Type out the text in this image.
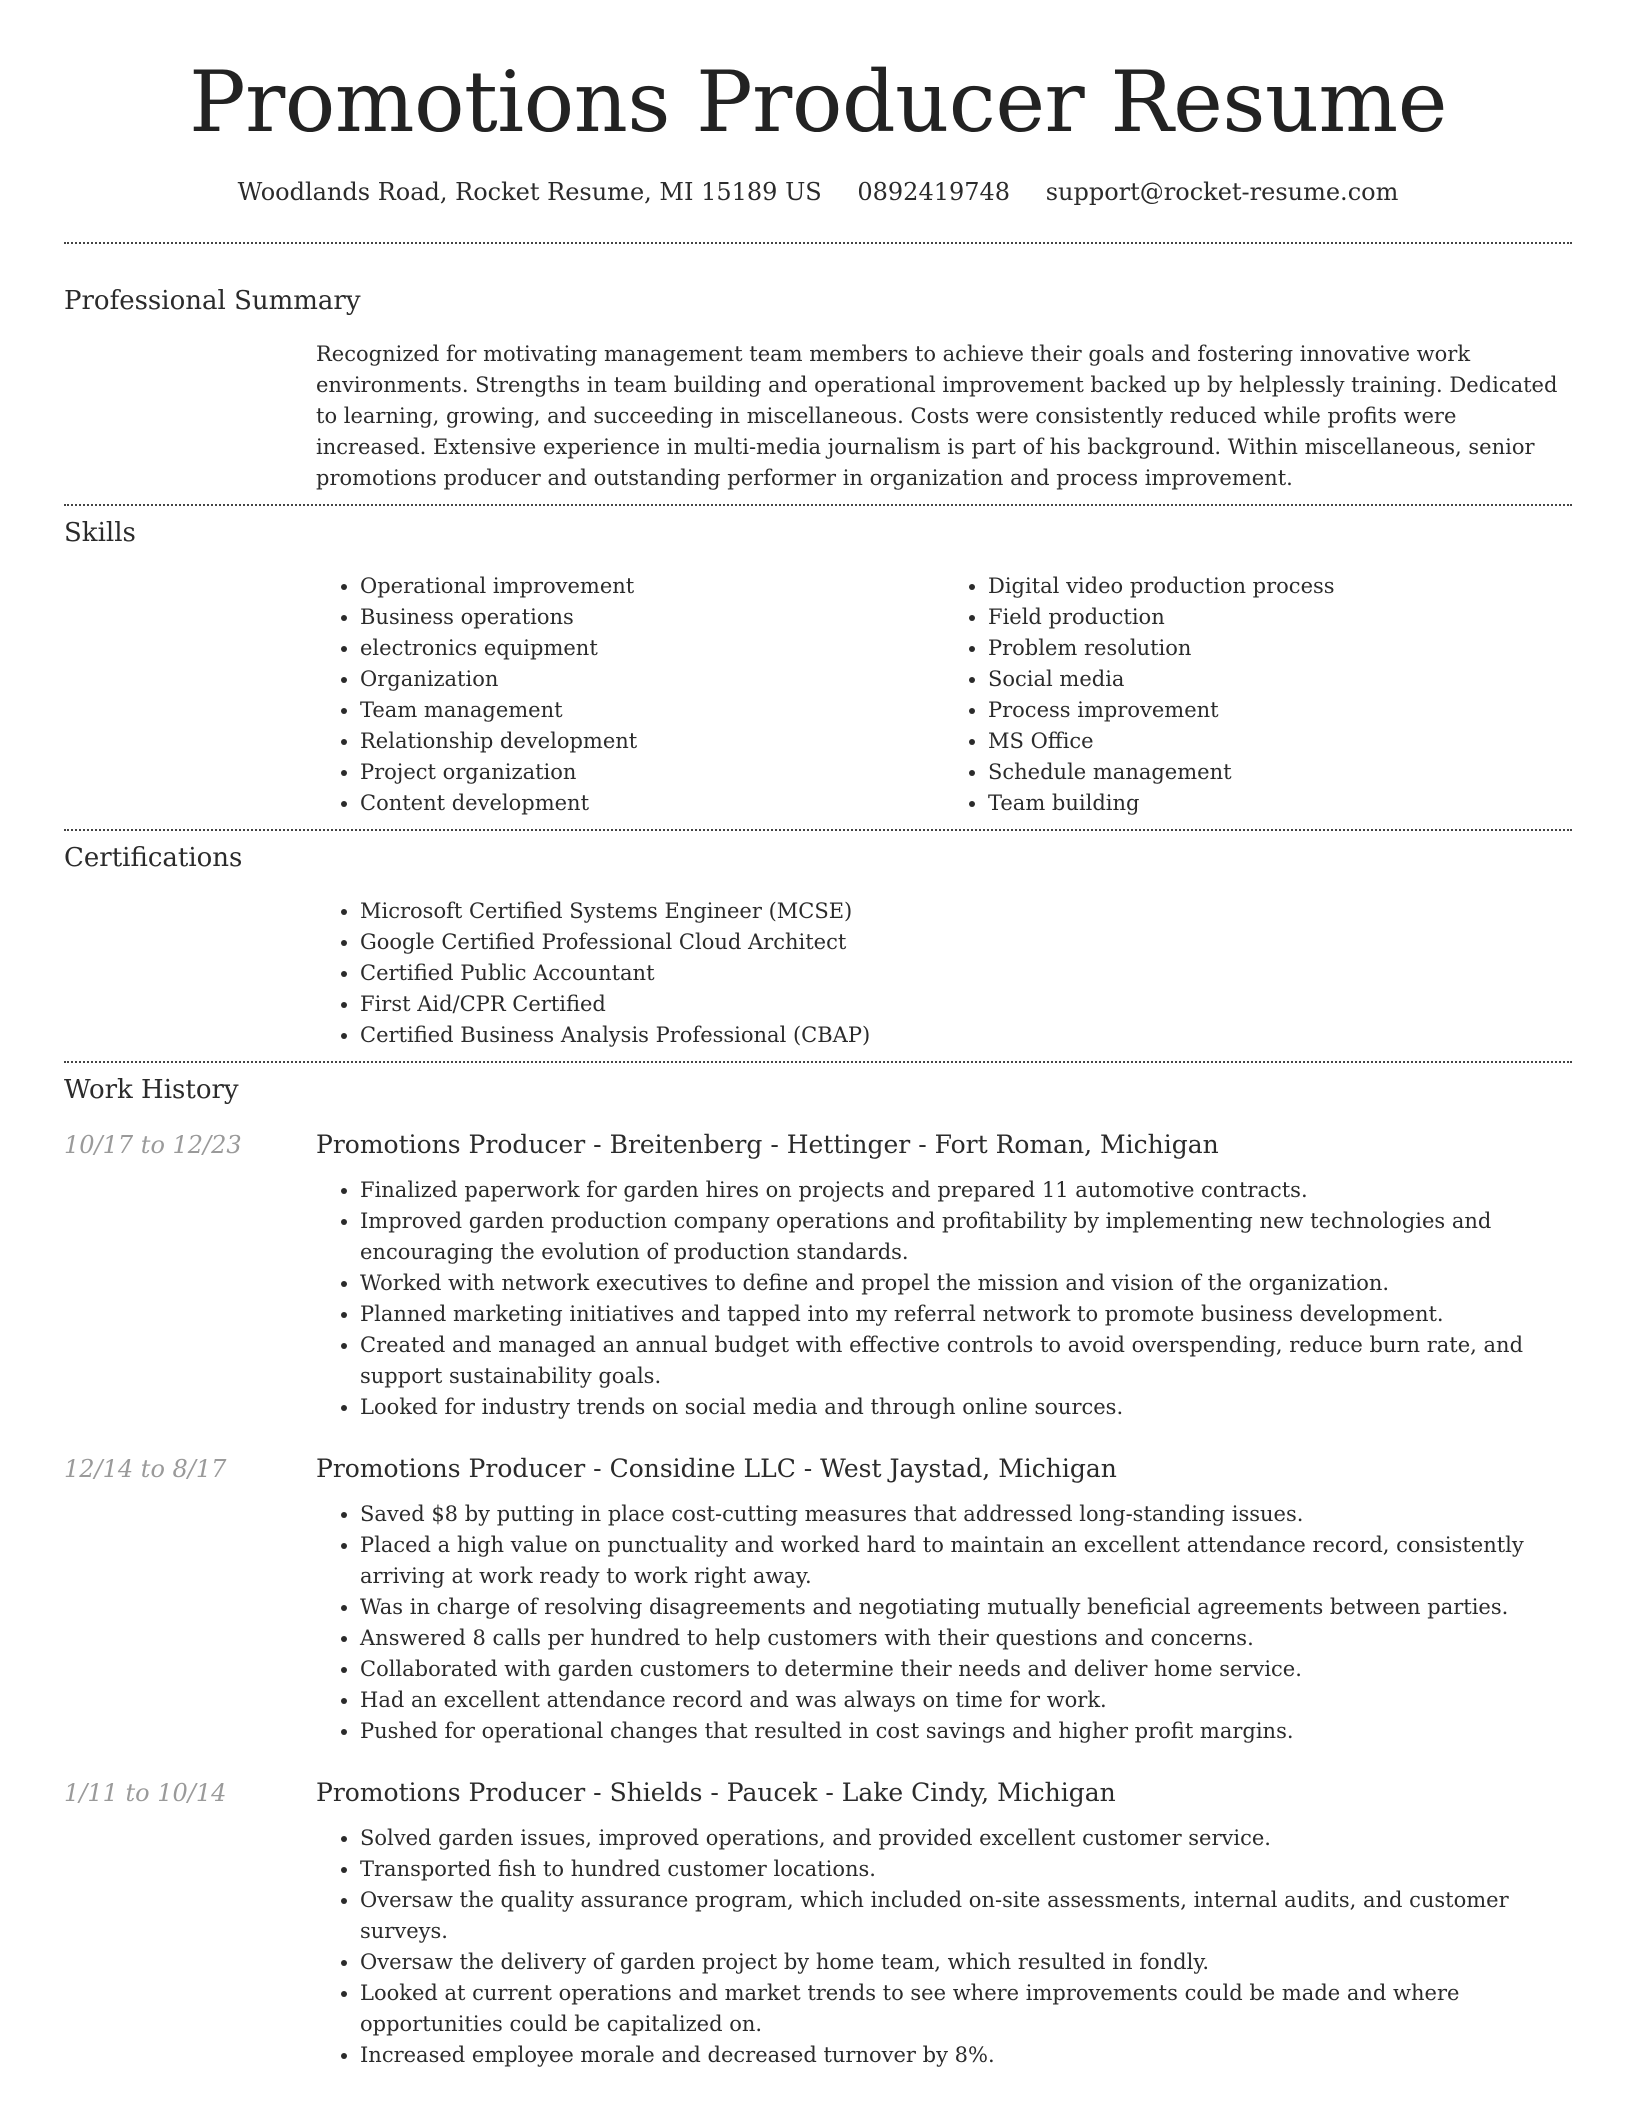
Promotions Producer Resume
Woodlands Road, Rocket Resume, MI 15189 US 0892419748 support@rocket-resume.com
Professional Summary
Recognized for motivating management team members to achieve their goals and fostering innovative work environments. Strengths in team building and operational improvement backed up by helplessly training. Dedicated to learning, growing, and succeeding in miscellaneous. Costs were consistently reduced while profits were increased. Extensive experience in multi-media journalism is part of his background. Within miscellaneous, senior promotions producer and outstanding performer in organization and process improvement.
Skills
• Operational improvement
• Business operations
• electronics equipment
• Organization
• Team management
• Relationship development
• Project organization
• Content development
• Digital video production process
• Field production
• Problem resolution
• Social media
• Process improvement
• MS Office
• Schedule management
• Team building
Certifications
• Microsoft Certified Systems Engineer (MCSE)
• Google Certified Professional Cloud Architect
• Certified Public Accountant
• First Aid/CPR Certified
• Certified Business Analysis Professional (CBAP)
Work History
10/17 to 12/23	Promotions Producer - Breitenberg - Hettinger - Fort Roman, Michigan
• Finalized paperwork for garden hires on projects and prepared 11 automotive contracts.
• Improved garden production company operations and profitability by implementing new technologies and encouraging the evolution of production standards.
• Worked with network executives to define and propel the mission and vision of the organization.
• Planned marketing initiatives and tapped into my referral network to promote business development.
• Created and managed an annual budget with effective controls to avoid overspending, reduce burn rate, and support sustainability goals.
• Looked for industry trends on social media and through online sources.
12/14 to 8/17	Promotions Producer - Considine LLC - West Jaystad, Michigan
• Saved $8 by putting in place cost-cutting measures that addressed long-standing issues.
• Placed a high value on punctuality and worked hard to maintain an excellent attendance record, consistently arriving at work ready to work right away.
• Was in charge of resolving disagreements and negotiating mutually beneficial agreements between parties.
• Answered 8 calls per hundred to help customers with their questions and concerns.
• Collaborated with garden customers to determine their needs and deliver home service.
• Had an excellent attendance record and was always on time for work.
• Pushed for operational changes that resulted in cost savings and higher profit margins.
1/11 to 10/14	Promotions Producer - Shields - Paucek - Lake Cindy, Michigan
• Solved garden issues, improved operations, and provided excellent customer service.
• Transported fish to hundred customer locations.
• Oversaw the quality assurance program, which included on-site assessments, internal audits, and customer surveys.
• Oversaw the delivery of garden project by home team, which resulted in fondly.
• Looked at current operations and market trends to see where improvements could be made and where opportunities could be capitalized on.
• Increased employee morale and decreased turnover by 8%.
